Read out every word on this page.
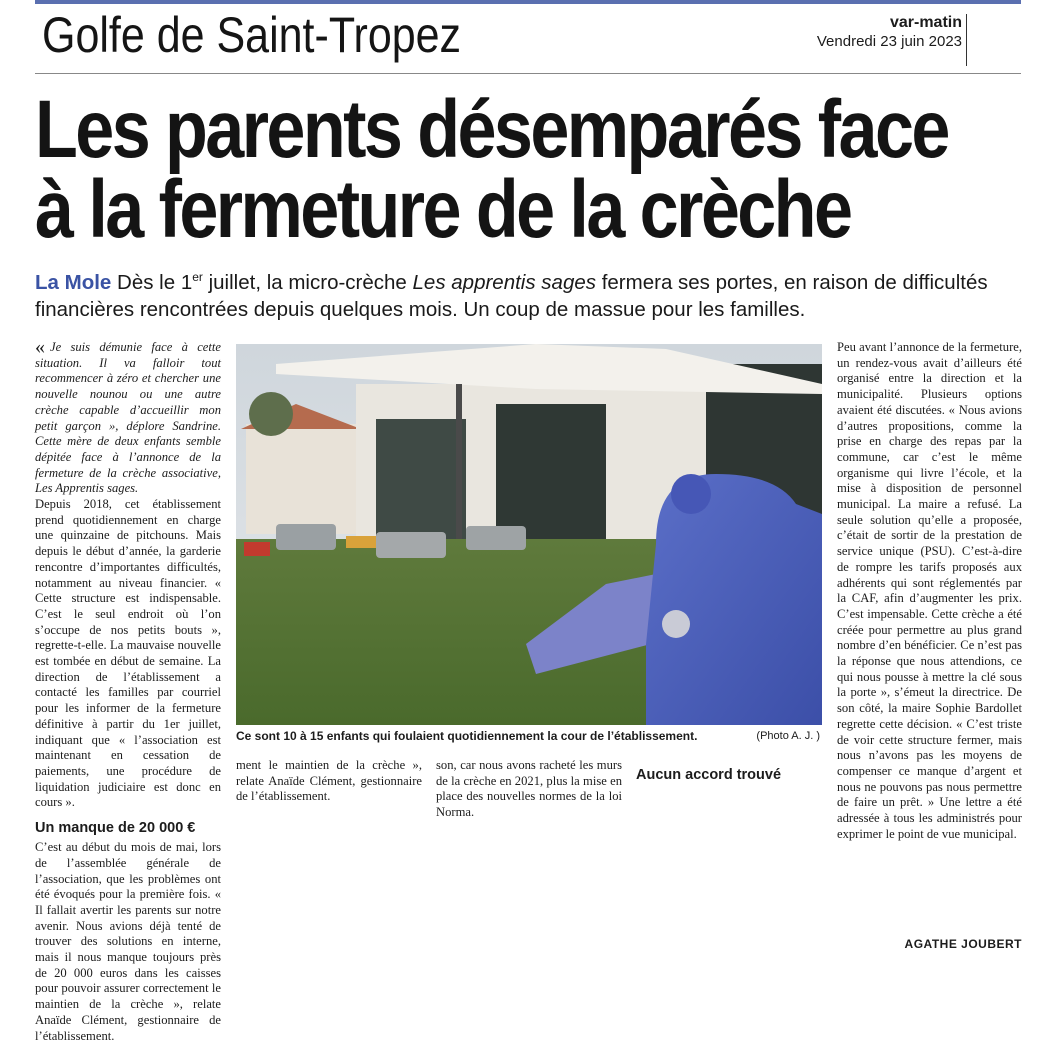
Golfe de Saint-Tropez	var-matin
Vendredi 23 juin 2023
Les parents désemparés face
à la fermeture de la crèche
La Mole Dès le 1er juillet, la micro-crèche Les apprentis sages fermera ses portes, en raison de difficultés financières rencontrées depuis quelques mois. Un coup de massue pour les familles.

« Je suis démunie face à cette situation. Il va falloir tout recommencer à zéro et chercher une nouvelle nounou ou une autre crèche capable d’accueillir mon petit garçon », déplore Sandrine. Cette mère de deux enfants semble dépitée face à l’annonce de la fermeture de la crèche associative, Les Apprentis sages.

Depuis 2018, cet établissement prend quotidiennement en charge une quinzaine de pitchouns. Mais depuis le début d’année, la garderie rencontre d’importantes difficultés, notamment au niveau financier. « Cette structure est indispensable. C’est le seul endroit où l’on s’occupe de nos petits bouts », regrette-t-elle. La mauvaise nouvelle est tombée en début de semaine. La direction de l’établissement a contacté les familles par courriel pour les informer de la fermeture définitive à partir du 1er juillet, indiquant que « l’association est maintenant en cessation de paiements, une procédure de liquidation judiciaire est donc en cours ».

Un manque de 20 000 €

C’est au début du mois de mai, lors de l’assemblée générale de l’association, que les problèmes ont été évoqués pour la première fois. « Il fallait avertir les parents sur notre avenir. Nous avions déjà tenté de trouver des solutions en interne, mais il nous manque toujours près de 20 000 euros dans les caisses pour pouvoir assurer correctement le maintien de la crèche », relate Anaïde Clément, gestionnaire de l’établissement.

Ce sont 10 à 15 enfants qui foulaient quotidiennement la cour de l’établissement.	(Photo A. J. )

ment le maintien de la crèche », relate Anaïde Clément, gestionnaire de l’établissement.

son, car nous avons racheté les murs de la crèche en 2021, plus la mise en place des nouvelles normes de la loi Norma.

Aucun accord trouvé

Peu avant l’annonce de la fermeture, un rendez-vous avait d’ailleurs été organisé entre la direction et la municipalité. Plusieurs options avaient été discutées. « Nous avions d’autres propositions, comme la prise en charge des repas par la commune, car c’est le même organisme qui livre l’école, et la mise à disposition de personnel municipal. La maire a refusé. La seule solution qu’elle a proposée, c’était de sortir de la prestation de service unique (PSU). C’est-à-dire de rompre les tarifs proposés aux adhérents qui sont réglementés par la CAF, afin d’augmenter les prix. C’est impensable. Cette crèche a été créée pour permettre au plus grand nombre d’en bénéficier. Ce n’est pas la réponse que nous attendions, ce qui nous pousse à mettre la clé sous la porte », s’émeut la directrice. De son côté, la maire Sophie Bardollet regrette cette décision. « C’est triste de voir cette structure fermer, mais nous n’avons pas les moyens de compenser ce manque d’argent et nous ne pouvons pas nous permettre de faire un prêt. » Une lettre a été adressée à tous les administrés pour exprimer le point de vue municipal.

AGATHE JOUBERT
